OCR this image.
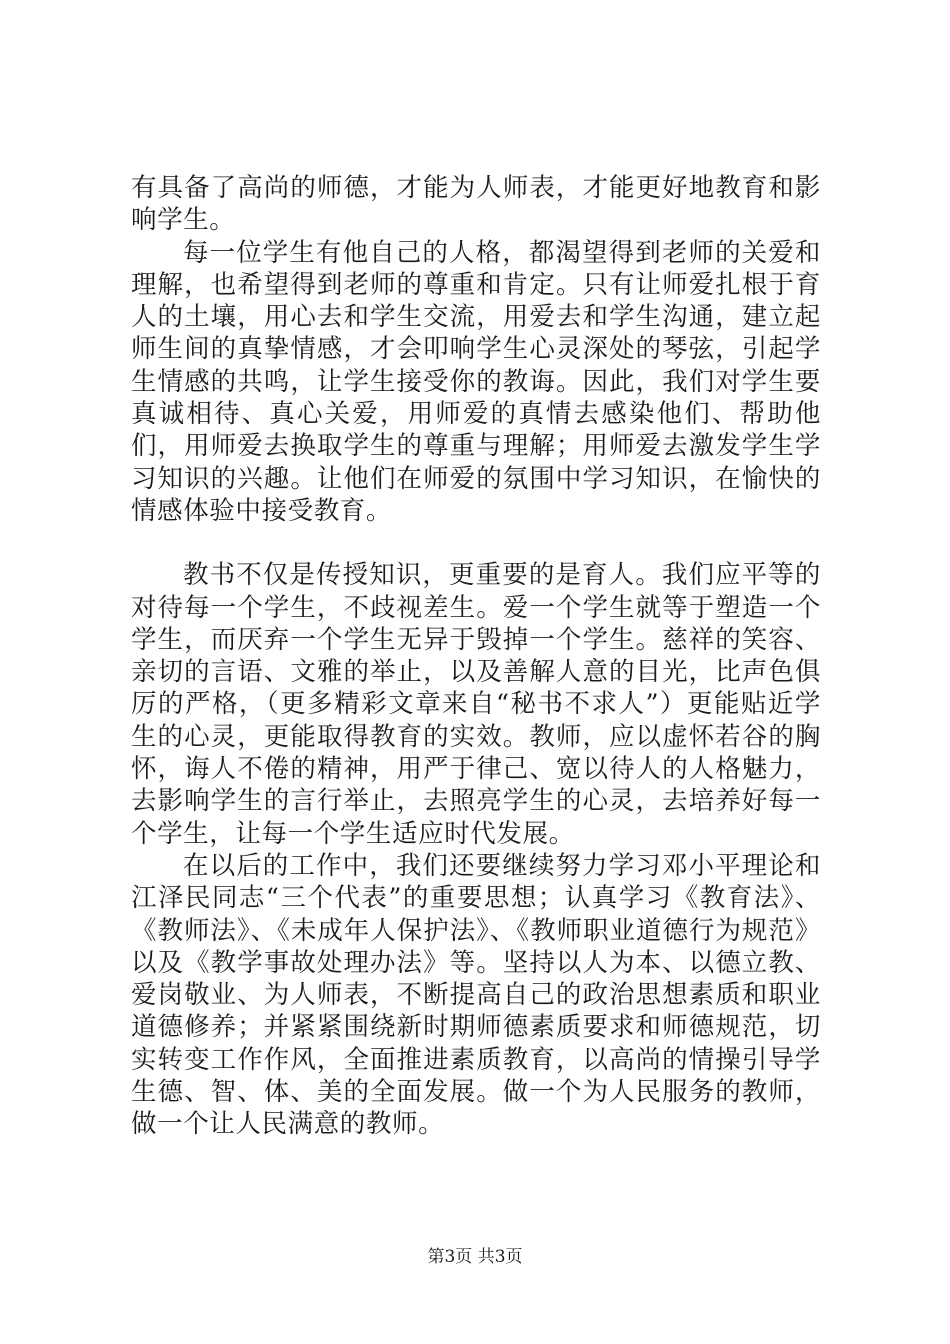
有具备了高尚的师德，才能为人师表，才能更好地教育和影响学生。

每一位学生有他自己的人格，都渴望得到老师的关爱和理解，也希望得到老师的尊重和肯定。只有让师爱扎根于育人的土壤，用心去和学生交流，用爱去和学生沟通，建立起师生间的真挚情感，才会叩响学生心灵深处的琴弦，引起学生情感的共鸣，让学生接受你的教诲。因此，我们对学生要真诚相待、真心关爱，用师爱的真情去感染他们、帮助他们，用师爱去换取学生的尊重与理解；用师爱去激发学生学习知识的兴趣。让他们在师爱的氛围中学习知识，在愉快的情感体验中接受教育。

教书不仅是传授知识，更重要的是育人。我们应平等的对待每一个学生，不歧视差生。爱一个学生就等于塑造一个学生，而厌弃一个学生无异于毁掉一个学生。慈祥的笑容、亲切的言语、文雅的举止，以及善解人意的目光，比声色俱厉的严格，（更多精彩文章来自“秘书不求人”）更能贴近学生的心灵，更能取得教育的实效。教师，应以虚怀若谷的胸怀，诲人不倦的精神，用严于律己、宽以待人的人格魅力，去影响学生的言行举止，去照亮学生的心灵，去培养好每一个学生，让每一个学生适应时代发展。

在以后的工作中，我们还要继续努力学习邓小平理论和江泽民同志“三个代表”的重要思想；认真学习《教育法》、《教师法》、《未成年人保护法》、《教师职业道德行为规范》以及《教学事故处理办法》等。坚持以人为本、以德立教、爱岗敬业、为人师表，不断提高自己的政治思想素质和职业道德修养；并紧紧围绕新时期师德素质要求和师德规范，切实转变工作作风，全面推进素质教育，以高尚的情操引导学生德、智、体、美的全面发展。做一个为人民服务的教师，做一个让人民满意的教师。

第3页 共3页
